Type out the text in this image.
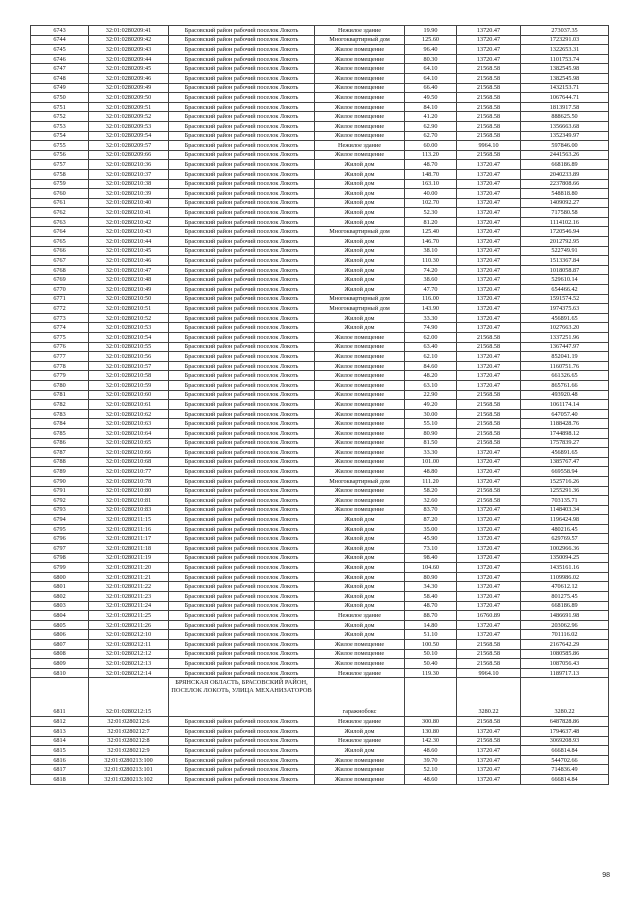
6743	32:01:0280209:41	Брасовский район рабочий поселок Локоть	Нежилое здание	19.90	13720.47	273037.35
6744	32:01:0280209:42	Брасовский район рабочий поселок Локоть	Многоквартирный дом	125.60	13720.47	1723291.03
6745	32:01:0280209:43	Брасовский район рабочий поселок Локоть	Жилое помещение	96.40	13720.47	1322653.31
6746	32:01:0280209:44	Брасовский район рабочий поселок Локоть	Жилое помещение	80.30	13720.47	1101753.74
6747	32:01:0280209:45	Брасовский район рабочий поселок Локоть	Жилое помещение	64.10	21568.58	1382545.98
6748	32:01:0280209:46	Брасовский район рабочий поселок Локоть	Жилое помещение	64.10	21568.58	1382545.98
6749	32:01:0280209:49	Брасовский район рабочий поселок Локоть	Жилое помещение	66.40	21568.58	1432153.71
6750	32:01:0280209:50	Брасовский район рабочий поселок Локоть	Жилое помещение	49.50	21568.58	1067644.71
6751	32:01:0280209:51	Брасовский район рабочий поселок Локоть	Жилое помещение	84.10	21568.58	1813917.58
6752	32:01:0280209:52	Брасовский район рабочий поселок Локоть	Жилое помещение	41.20	21568.58	888625.50
6753	32:01:0280209:53	Брасовский район рабочий поселок Локоть	Жилое помещение	62.90	21568.58	1356663.68
6754	32:01:0280209:54	Брасовский район рабочий поселок Локоть	Жилое помещение	62.70	21568.58	1352349.97
6755	32:01:0280209:57	Брасовский район рабочий поселок Локоть	Нежилое здание	60.00	9964.10	597846.00
6756	32:01:0280209:66	Брасовский район рабочий поселок Локоть	Жилое помещение	113.20	21568.58	2441563.26
6757	32:01:0280210:36	Брасовский район рабочий поселок Локоть	Жилой дом	48.70	13720.47	668186.89
6758	32:01:0280210:37	Брасовский район рабочий поселок Локоть	Жилой дом	148.70	13720.47	2040233.89
6759	32:01:0280210:38	Брасовский район рабочий поселок Локоть	Жилой дом	163.10	13720.47	2237808.66
6760	32:01:0280210:39	Брасовский район рабочий поселок Локоть	Жилой дом	40.00	13720.47	548818.80
6761	32:01:0280210:40	Брасовский район рабочий поселок Локоть	Жилой дом	102.70	13720.47	1409092.27
6762	32:01:0280210:41	Брасовский район рабочий поселок Локоть	Жилой дом	52.30	13720.47	717580.58
6763	32:01:0280210:42	Брасовский район рабочий поселок Локоть	Жилой дом	81.20	13720.47	1114102.16
6764	32:01:0280210:43	Брасовский район рабочий поселок Локоть	Многоквартирный дом	125.40	13720.47	1720546.94
6765	32:01:0280210:44	Брасовский район рабочий поселок Локоть	Жилой дом	146.70	13720.47	2012792.95
6766	32:01:0280210:45	Брасовский район рабочий поселок Локоть	Жилой дом	38.10	13720.47	522749.91
6767	32:01:0280210:46	Брасовский район рабочий поселок Локоть	Жилой дом	110.30	13720.47	1513367.84
6768	32:01:0280210:47	Брасовский район рабочий поселок Локоть	Жилой дом	74.20	13720.47	1018058.87
6769	32:01:0280210:48	Брасовский район рабочий поселок Локоть	Жилой дом	38.60	13720.47	529610.14
6770	32:01:0280210:49	Брасовский район рабочий поселок Локоть	Жилой дом	47.70	13720.47	654466.42
6771	32:01:0280210:50	Брасовский район рабочий поселок Локоть	Многоквартирный дом	116.00	13720.47	1591574.52
6772	32:01:0280210:51	Брасовский район рабочий поселок Локоть	Многоквартирный дом	143.90	13720.47	1974375.63
6773	32:01:0280210:52	Брасовский район рабочий поселок Локоть	Жилой дом	33.30	13720.47	456891.65
6774	32:01:0280210:53	Брасовский район рабочий поселок Локоть	Жилой дом	74.90	13720.47	1027663.20
6775	32:01:0280210:54	Брасовский район рабочий поселок Локоть	Жилое помещение	62.00	21568.58	1337251.96
6776	32:01:0280210:55	Брасовский район рабочий поселок Локоть	Жилое помещение	63.40	21568.58	1367447.97
6777	32:01:0280210:56	Брасовский район рабочий поселок Локоть	Жилое помещение	62.10	13720.47	852041.19
6778	32:01:0280210:57	Брасовский район рабочий поселок Локоть	Жилое помещение	84.60	13720.47	1160751.76
6779	32:01:0280210:58	Брасовский район рабочий поселок Локоть	Жилое помещение	48.20	13720.47	661326.65
6780	32:01:0280210:59	Брасовский район рабочий поселок Локоть	Жилое помещение	63.10	13720.47	865761.66
6781	32:01:0280210:60	Брасовский район рабочий поселок Локоть	Жилое помещение	22.90	21568.58	493920.48
6782	32:01:0280210:61	Брасовский район рабочий поселок Локоть	Жилое помещение	49.20	21568.58	1061174.14
6783	32:01:0280210:62	Брасовский район рабочий поселок Локоть	Жилое помещение	30.00	21568.58	647057.40
6784	32:01:0280210:63	Брасовский район рабочий поселок Локоть	Жилое помещение	55.10	21568.58	1188428.76
6785	32:01:0280210:64	Брасовский район рабочий поселок Локоть	Жилое помещение	80.90	21568.58	1744898.12
6786	32:01:0280210:65	Брасовский район рабочий поселок Локоть	Жилое помещение	81.50	21568.58	1757839.27
6787	32:01:0280210:66	Брасовский район рабочий поселок Локоть	Жилое помещение	33.30	13720.47	456891.65
6788	32:01:0280210:68	Брасовский район рабочий поселок Локоть	Жилое помещение	101.00	13720.47	1385767.47
6789	32:01:0280210:77	Брасовский район рабочий поселок Локоть	Жилое помещение	48.80	13720.47	669558.94
6790	32:01:0280210:78	Брасовский район рабочий поселок Локоть	Многоквартирный дом	111.20	13720.47	1525716.26
6791	32:01:0280210:80	Брасовский район рабочий поселок Локоть	Жилое помещение	58.20	21568.58	1255291.36
6792	32:01:0280210:81	Брасовский район рабочий поселок Локоть	Жилое помещение	32.60	21568.58	703135.71
6793	32:01:0280210:83	Брасовский район рабочий поселок Локоть	Жилое помещение	83.70	13720.47	1148403.34
6794	32:01:0280211:15	Брасовский район рабочий поселок Локоть	Жилой дом	87.20	13720.47	1196424.98
6795	32:01:0280211:16	Брасовский район рабочий поселок Локоть	Жилой дом	35.00	13720.47	480216.45
6796	32:01:0280211:17	Брасовский район рабочий поселок Локоть	Жилой дом	45.90	13720.47	629769.57
6797	32:01:0280211:18	Брасовский район рабочий поселок Локоть	Жилой дом	73.10	13720.47	1002966.36
6798	32:01:0280211:19	Брасовский район рабочий поселок Локоть	Жилой дом	98.40	13720.47	1350094.25
6799	32:01:0280211:20	Брасовский район рабочий поселок Локоть	Жилой дом	104.60	13720.47	1435161.16
6800	32:01:0280211:21	Брасовский район рабочий поселок Локоть	Жилой дом	80.90	13720.47	1109986.02
6801	32:01:0280211:22	Брасовский район рабочий поселок Локоть	Жилой дом	34.30	13720.47	470612.12
6802	32:01:0280211:23	Брасовский район рабочий поселок Локоть	Жилой дом	58.40	13720.47	801275.45
6803	32:01:0280211:24	Брасовский район рабочий поселок Локоть	Жилой дом	48.70	13720.47	668186.89
6804	32:01:0280211:25	Брасовский район рабочий поселок Локоть	Нежилое здание	88.70	16760.89	1486691.98
6805	32:01:0280211:26	Брасовский район рабочий поселок Локоть	Жилой дом	14.80	13720.47	203062.96
6806	32:01:0280212:10	Брасовский район рабочий поселок Локоть	Жилой дом	51.10	13720.47	701116.02
6807	32:01:0280212:11	Брасовский район рабочий поселок Локоть	Жилое помещение	100.50	21568.58	2167642.29
6808	32:01:0280212:12	Брасовский район рабочий поселок Локоть	Жилое помещение	50.10	21568.58	1080585.86
6809	32:01:0280212:13	Брасовский район рабочий поселок Локоть	Жилое помещение	50.40	21568.58	1087056.43
6810	32:01:0280212:14	Брасовский район рабочий поселок Локоть	Нежилое здание	119.30	9964.10	1189717.13
6811	32:01:0280212:15	БРЯНСКАЯ ОБЛАСТЬ, БРАСОВСКИЙ РАЙОН, ПОСЕЛОК ЛОКОТЬ, УЛИЦА МЕХАНИЗАТОРОВ	гаражнобокс		3280.22	3280.22
6812	32:01:0280212:6	Брасовский район рабочий поселок Локоть	Нежилое здание	300.80	21568.58	6487828.86
6813	32:01:0280212:7	Брасовский район рабочий поселок Локоть	Жилой дом	130.80	13720.47	1794637.48
6814	32:01:0280212:8	Брасовский район рабочий поселок Локоть	Нежилое здание	142.30	21568.58	3069208.93
6815	32:01:0280212:9	Брасовский район рабочий поселок Локоть	Жилой дом	48.60	13720.47	666814.84
6816	32:01:0280213:100	Брасовский район рабочий поселок Локоть	Жилое помещение	39.70	13720.47	544702.66
6817	32:01:0280213:101	Брасовский район рабочий поселок Локоть	Жилое помещение	52.10	13720.47	714836.49
6818	32:01:0280213:102	Брасовский район рабочий поселок Локоть	Жилое помещение	48.60	13720.47	666814.84
98
